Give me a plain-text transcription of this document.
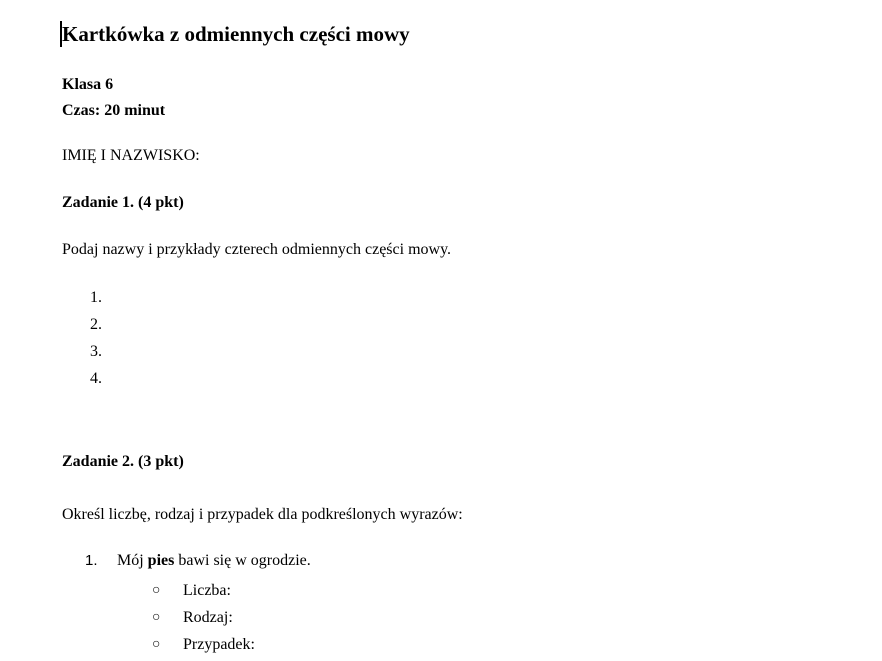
Kartkówka z odmiennych części mowy
Klasa 6
Czas: 20 minut
IMIĘ I NAZWISKO:
Zadanie 1. (4 pkt)
Podaj nazwy i przykłady czterech odmiennych części mowy.
1.
2.
3.
4.
Zadanie 2. (3 pkt)
Określ liczbę, rodzaj i przypadek dla podkreślonych wyrazów:
1.	Mój pies bawi się w ogrodzie.
○	Liczba:
○	Rodzaj:
○	Przypadek:
